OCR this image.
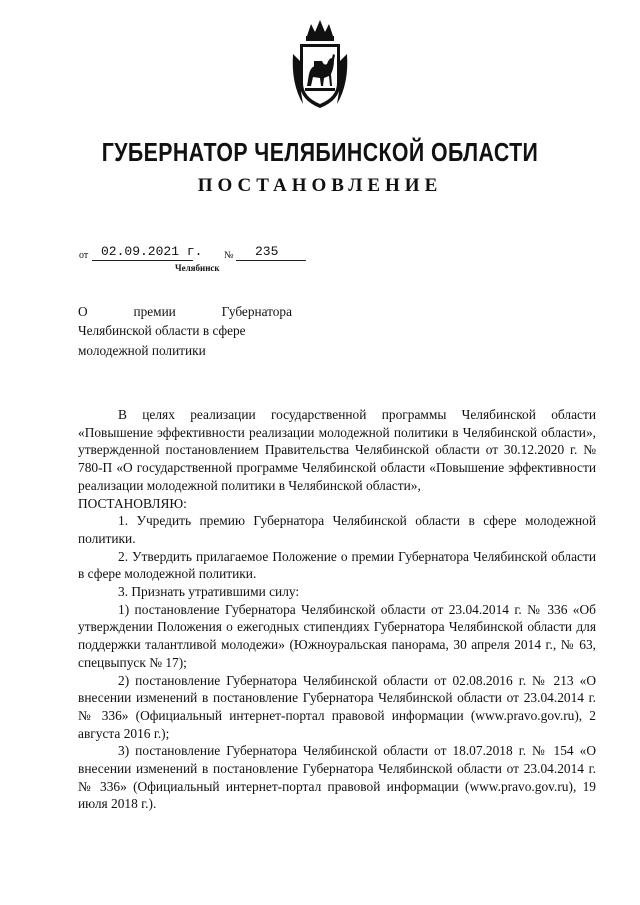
ГУБЕРНАТОР ЧЕЛЯБИНСКОЙ ОБЛАСТИ
ПОСТАНОВЛЕНИЕ
от 02.09.2021 г. № 235
Челябинск
О	премии	Губернатора
Челябинской области в сфере
молодежной политики

В целях реализации государственной программы Челябинской области «Повышение эффективности реализации молодежной политики в Челябинской области», утвержденной постановлением Правительства Челябинской области от 30.12.2020 г. № 780-П «О государственной программе Челябинской области «Повышение эффективности реализации молодежной политики в Челябинской области»,

ПОСТАНОВЛЯЮ:

1. Учредить премию Губернатора Челябинской области в сфере молодежной политики.

2. Утвердить прилагаемое Положение о премии Губернатора Челябинской области в сфере молодежной политики.

3. Признать утратившими силу:

1) постановление Губернатора Челябинской области от 23.04.2014 г. № 336 «Об утверждении Положения о ежегодных стипендиях Губернатора Челябинской области для поддержки талантливой молодежи» (Южноуральская панорама, 30 апреля 2014 г., № 63, спецвыпуск № 17);

2) постановление Губернатора Челябинской области от 02.08.2016 г. № 213 «О внесении изменений в постановление Губернатора Челябинской области от 23.04.2014 г. № 336» (Официальный интернет-портал правовой информации (www.pravo.gov.ru), 2 августа 2016 г.);

3) постановление Губернатора Челябинской области от 18.07.2018 г. № 154 «О внесении изменений в постановление Губернатора Челябинской области от 23.04.2014 г. № 336» (Официальный интернет-портал правовой информации (www.pravo.gov.ru), 19 июля 2018 г.).
